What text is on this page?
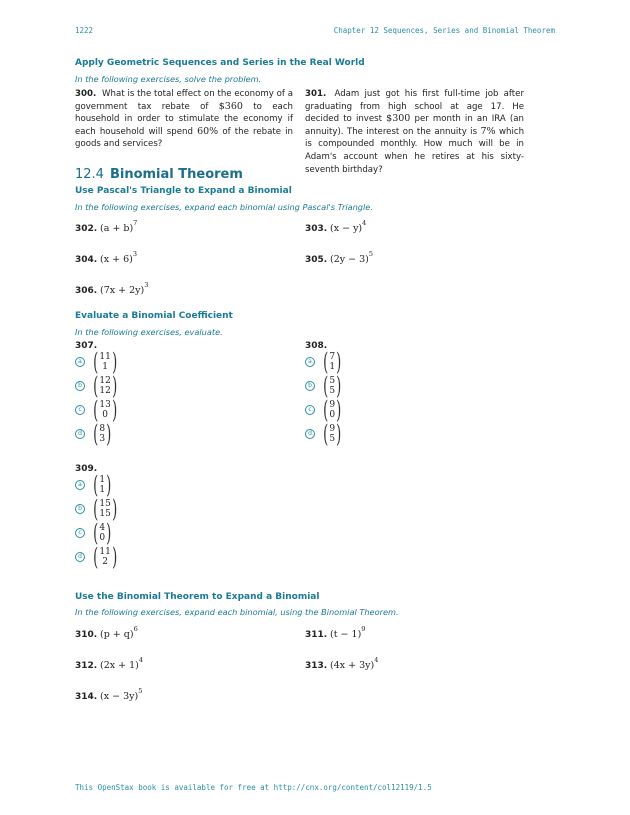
1222	Chapter 12 Sequences, Series and Binomial Theorem
Apply Geometric Sequences and Series in the Real World
In the following exercises, solve the problem.
300. What is the total effect on the economy of a government tax rebate of $360 to each household in order to stimulate the economy if each household will spend 60% of the rebate in goods and services?
301. Adam just got his first full-time job after graduating from high school at age 17. He decided to invest $300 per month in an IRA (an annuity). The interest on the annuity is 7% which is compounded monthly. How much will be in Adam's account when he retires at his sixty-seventh birthday?
12.4 Binomial Theorem
Use Pascal's Triangle to Expand a Binomial
In the following exercises, expand each binomial using Pascal's Triangle.
302. $(a + b)^7$
303. $(x - y)^4$
304. $(x + 6)^3$
305. $(2y - 3)^5$
306. $(7x + 2y)^3$
Evaluate a Binomial Coefficient
In the following exercises, evaluate.
307.
a ( 11
1 )
b ( 12
12 )
c ( 13
0 )
d ( 8
3 )
308.
a ( 7
1 )
b ( 5
5 )
c ( 9
0 )
d ( 9
5 )
309.
a ( 1
1 )
b ( 15
15 )
c ( 4
0 )
d ( 11
2 )
Use the Binomial Theorem to Expand a Binomial
In the following exercises, expand each binomial, using the Binomial Theorem.
310. $(p + q)^6$
311. $(t - 1)^9$
312. $(2x + 1)^4$
313. $(4x + 3y)^4$
314. $(x - 3y)^5$
This OpenStax book is available for free at http://cnx.org/content/col12119/1.5
